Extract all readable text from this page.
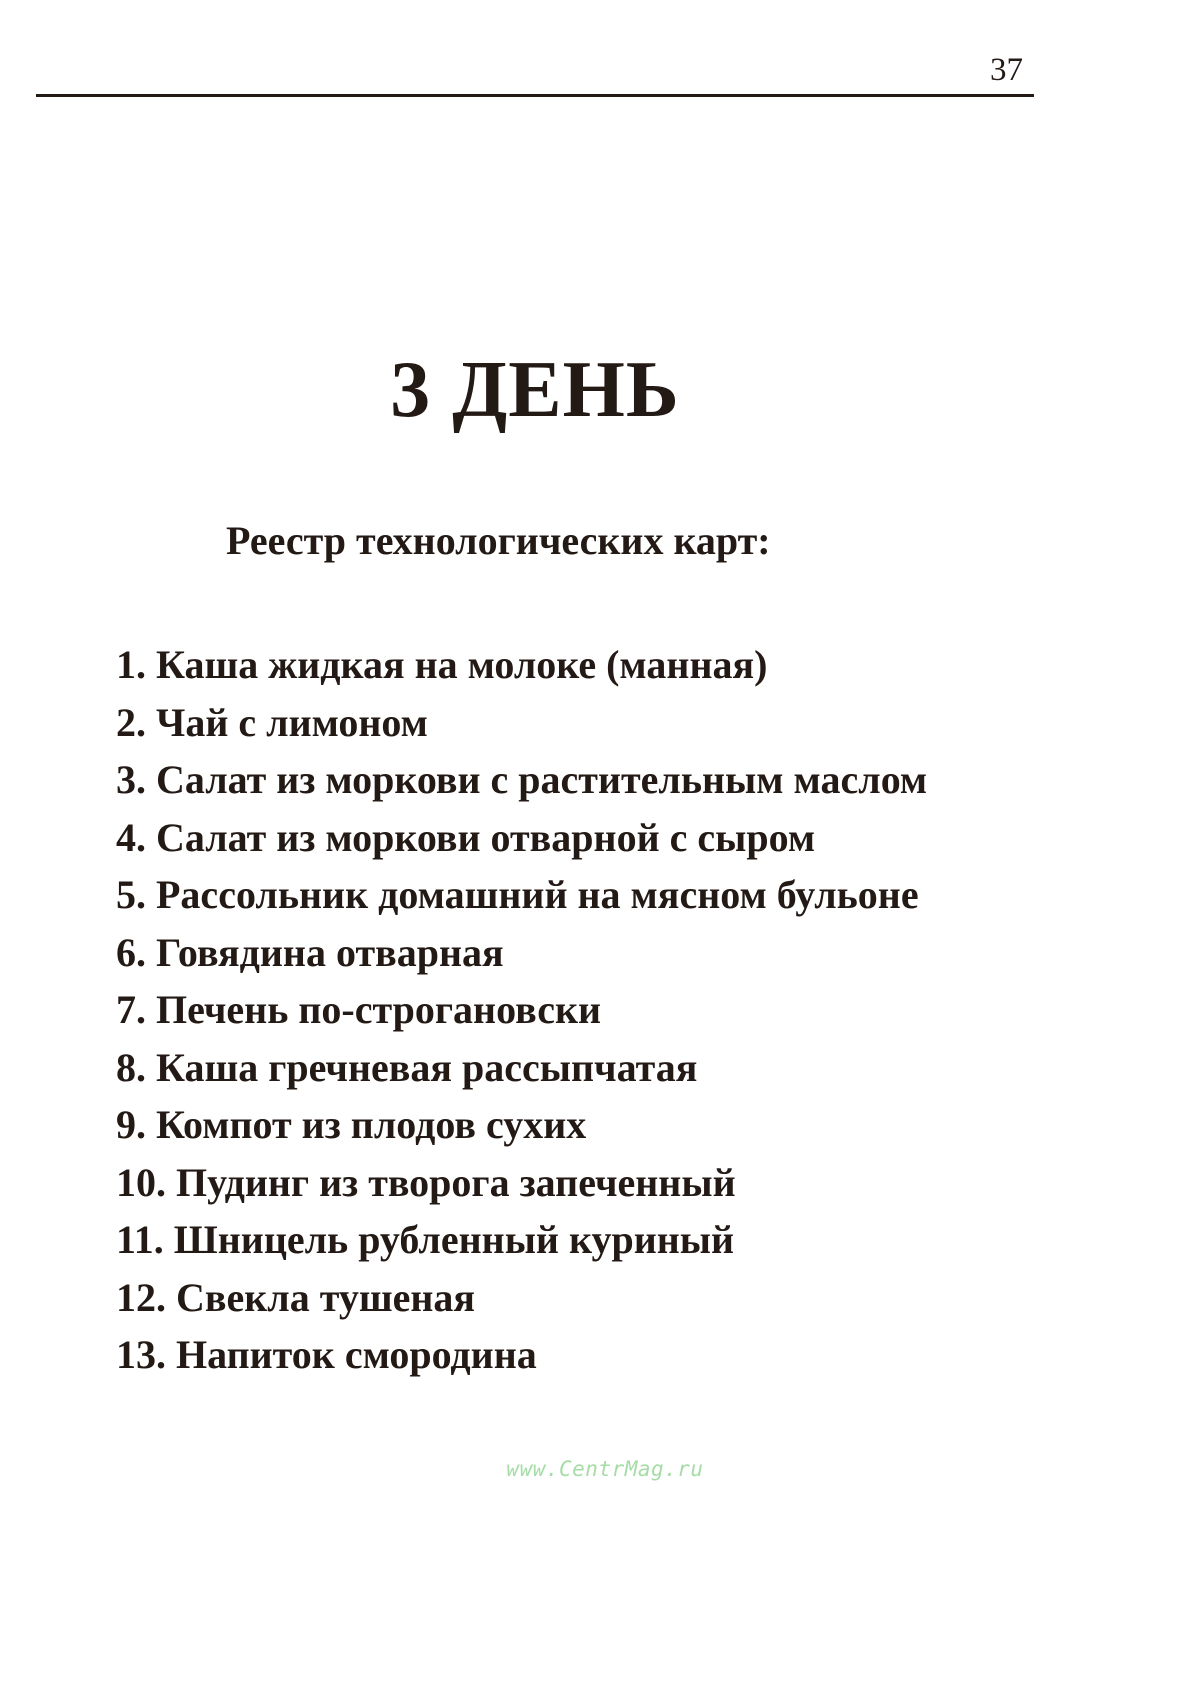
37
3 ДЕНЬ
Реестр технологических карт:
1. Каша жидкая на молоке (манная)
2. Чай с лимоном
3. Салат из моркови с растительным маслом
4. Салат из моркови отварной с сыром
5. Рассольник домашний на мясном бульоне
6. Говядина отварная
7. Печень по-строгановски
8. Каша гречневая рассыпчатая
9. Компот из плодов сухих
10. Пудинг из творога запеченный
11. Шницель рубленный куриный
12. Свекла тушеная
13. Напиток смородина
www.CentrMag.ru
